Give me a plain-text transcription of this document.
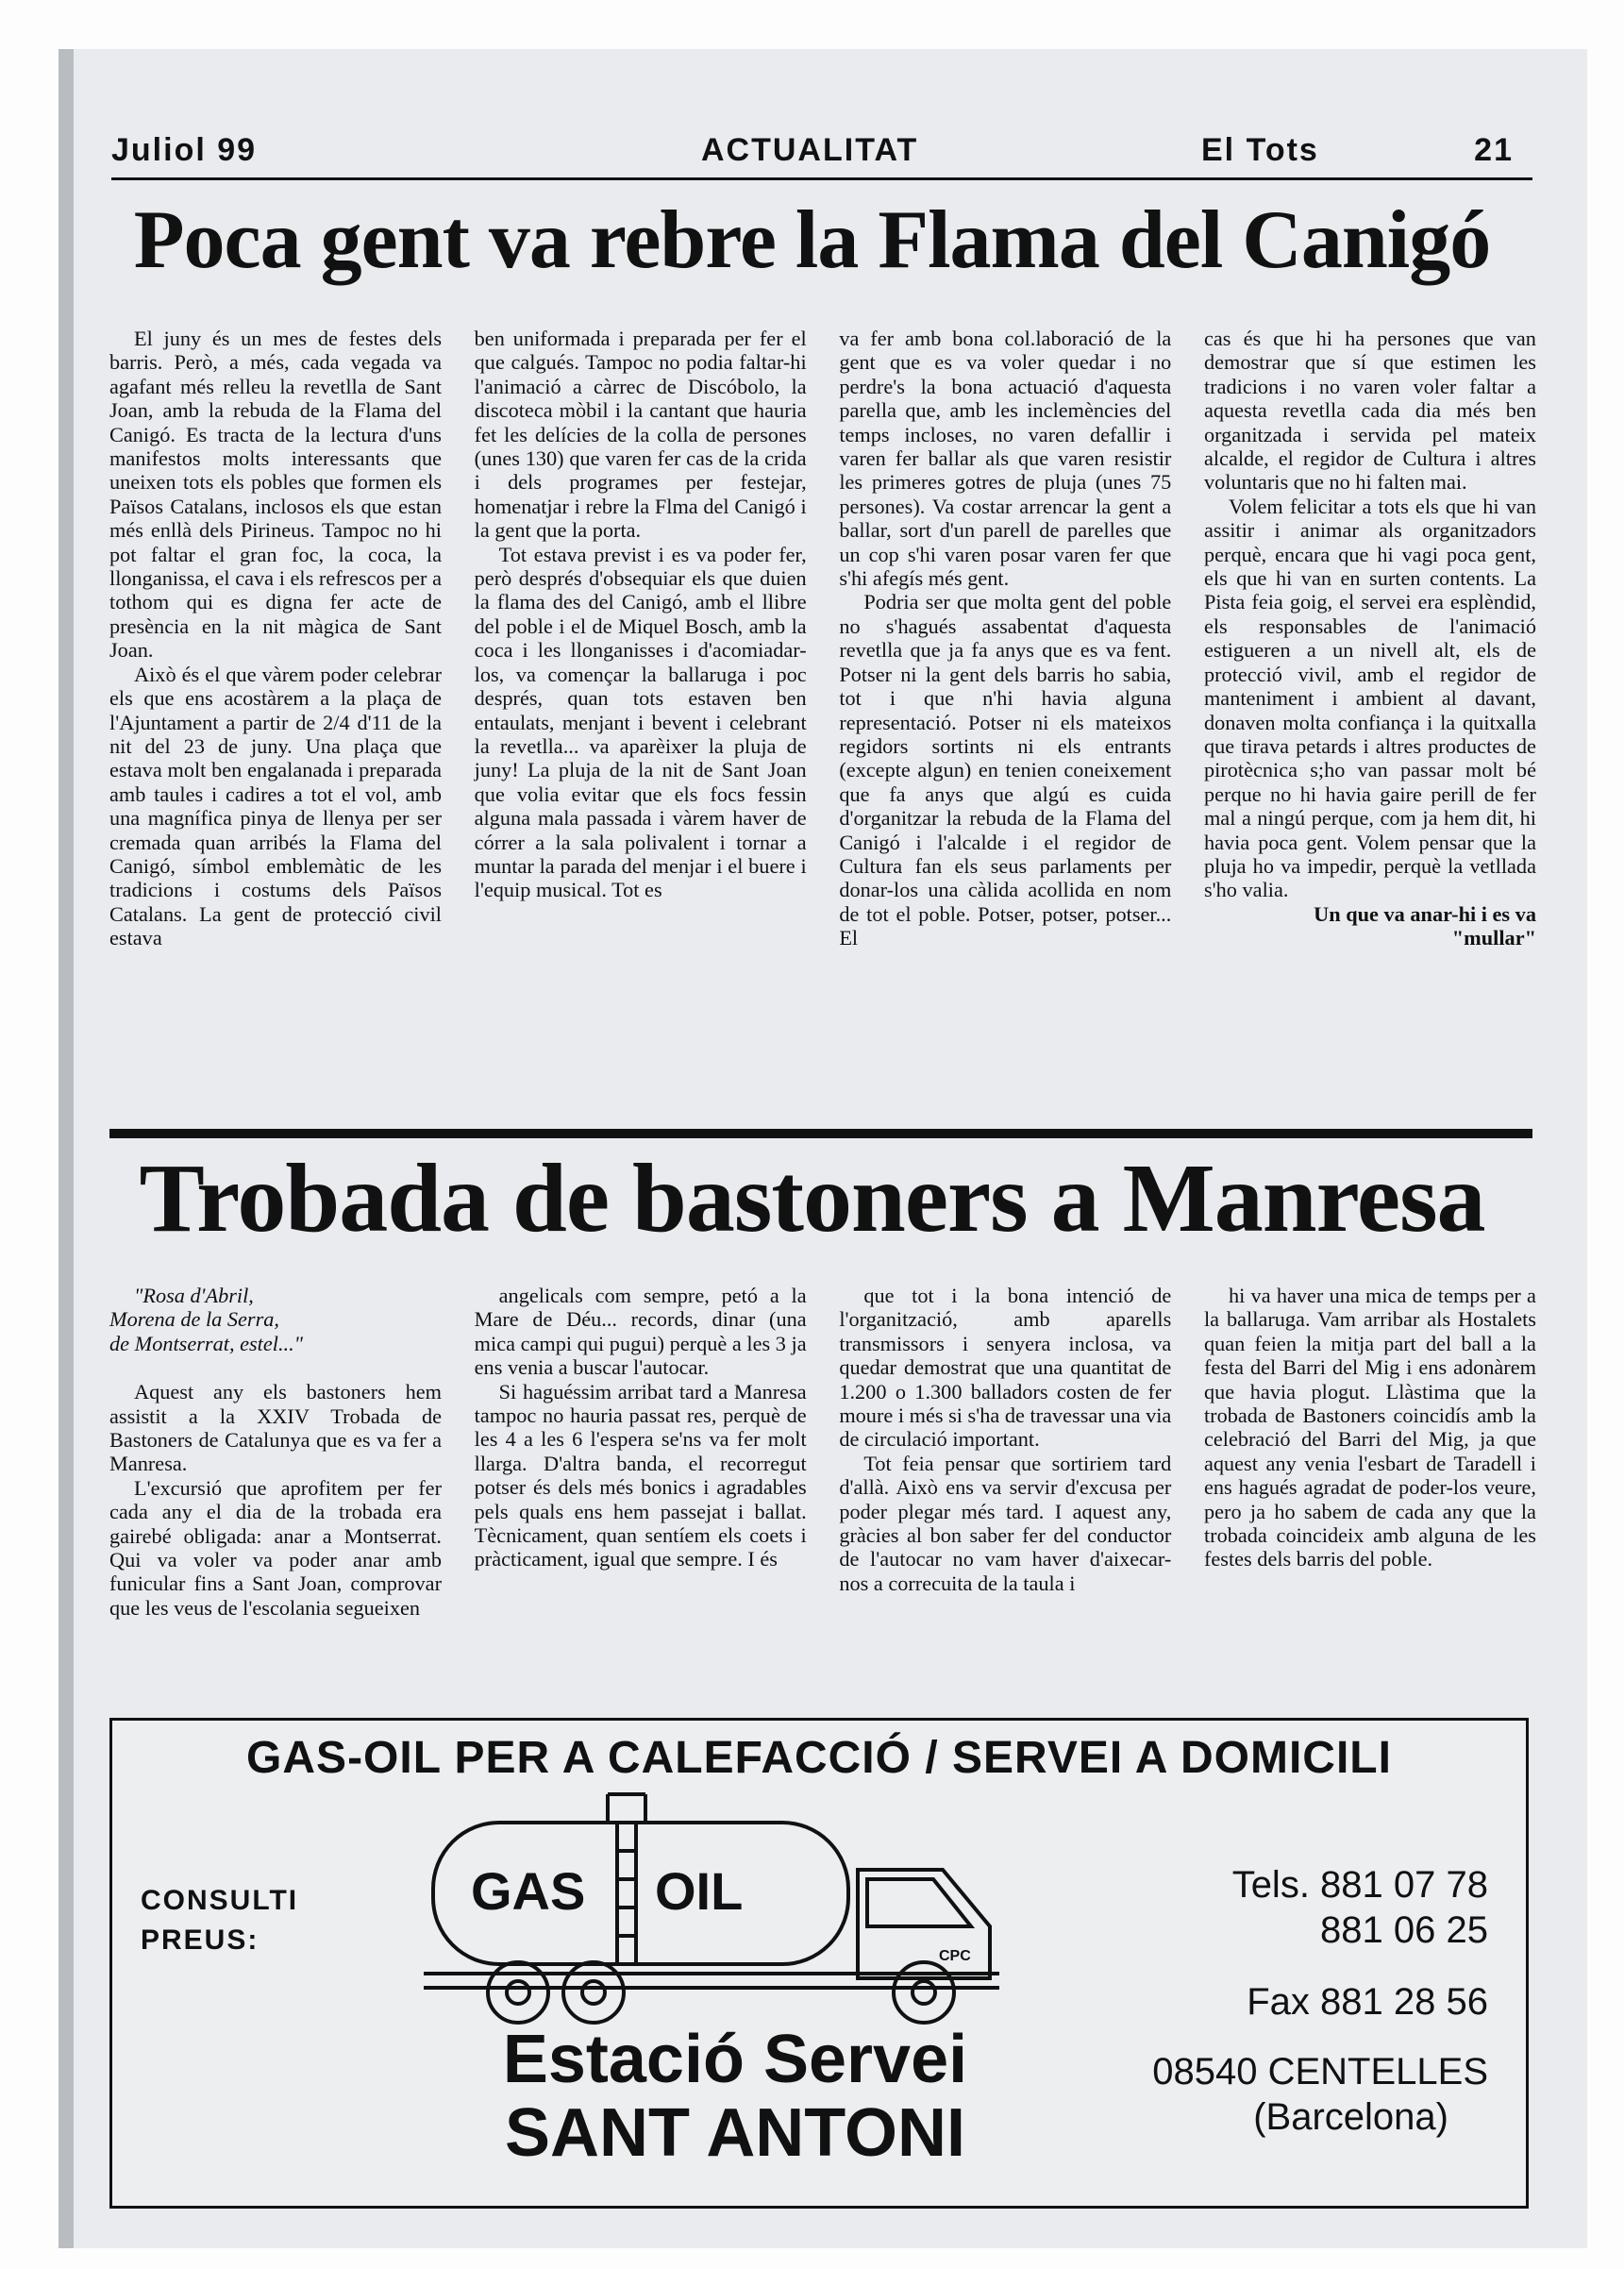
Juliol 99	ACTUALITAT	El Tots	21
Poca gent va rebre la Flama del Canigó

El juny és un mes de festes dels barris. Però, a més, cada vegada va agafant més relleu la revetlla de Sant Joan, amb la rebuda de la Flama del Canigó. Es tracta de la lectura d'uns manifestos molts interessants que uneixen tots els pobles que formen els Països Catalans, inclosos els que estan més enllà dels Pirineus. Tampoc no hi pot faltar el gran foc, la coca, la llonganissa, el cava i els refrescos per a tothom qui es digna fer acte de presència en la nit màgica de Sant Joan.

Això és el que vàrem poder celebrar els que ens acostàrem a la plaça de l'Ajuntament a partir de 2/4 d'11 de la nit del 23 de juny. Una plaça que estava molt ben engalanada i preparada amb taules i cadires a tot el vol, amb una magnífica pinya de llenya per ser cremada quan arribés la Flama del Canigó, símbol emblemàtic de les tradicions i costums dels Països Catalans. La gent de protecció civil estava

ben uniformada i preparada per fer el que calgués. Tampoc no podia faltar-hi l'animació a càrrec de Discóbolo, la discoteca mòbil i la cantant que hauria fet les delícies de la colla de persones (unes 130) que varen fer cas de la crida i dels programes per festejar, homenatjar i rebre la Flma del Canigó i la gent que la porta.

Tot estava previst i es va poder fer, però després d'obsequiar els que duien la flama des del Canigó, amb el llibre del poble i el de Miquel Bosch, amb la coca i les llonganisses i d'acomiadar-los, va començar la ballaruga i poc després, quan tots estaven ben entaulats, menjant i bevent i celebrant la revetlla... va aparèixer la pluja de juny! La pluja de la nit de Sant Joan que volia evitar que els focs fessin alguna mala passada i vàrem haver de córrer a la sala polivalent i tornar a muntar la parada del menjar i el buere i l'equip musical. Tot es

va fer amb bona col.laboració de la gent que es va voler quedar i no perdre's la bona actuació d'aquesta parella que, amb les inclemències del temps incloses, no varen defallir i varen fer ballar als que varen resistir les primeres gotres de pluja (unes 75 persones). Va costar arrencar la gent a ballar, sort d'un parell de parelles que un cop s'hi varen posar varen fer que s'hi afegís més gent.

Podria ser que molta gent del poble no s'hagués assabentat d'aquesta revetlla que ja fa anys que es va fent. Potser ni la gent dels barris ho sabia, tot i que n'hi havia alguna representació. Potser ni els mateixos regidors sortints ni els entrants (excepte algun) en tenien coneixement que fa anys que algú es cuida d'organitzar la rebuda de la Flama del Canigó i l'alcalde i el regidor de Cultura fan els seus parlaments per donar-los una càlida acollida en nom de tot el poble. Potser, potser, potser... El

cas és que hi ha persones que van demostrar que sí que estimen les tradicions i no varen voler faltar a aquesta revetlla cada dia més ben organitzada i servida pel mateix alcalde, el regidor de Cultura i altres voluntaris que no hi falten mai.

Volem felicitar a tots els que hi van assitir i animar als organitzadors perquè, encara que hi vagi poca gent, els que hi van en surten contents. La Pista feia goig, el servei era esplèndid, els responsables de l'animació estigueren a un nivell alt, els de protecció vivil, amb el regidor de manteniment i ambient al davant, donaven molta confiança i la quitxalla que tirava petards i altres productes de pirotècnica s;ho van passar molt bé perque no hi havia gaire perill de fer mal a ningú perque, com ja hem dit, hi havia poca gent. Volem pensar que la pluja ho va impedir, perquè la vetllada s'ho valia.

Un que va anar-hi i es va
"mullar"

Trobada de bastoners a Manresa

"Rosa d'Abril,
Morena de la Serra,
de Montserrat, estel..."

Aquest any els bastoners hem assistit a la XXIV Trobada de Bastoners de Catalunya que es va fer a Manresa.

L'excursió que aprofitem per fer cada any el dia de la trobada era gairebé obligada: anar a Montserrat. Qui va voler va poder anar amb funicular fins a Sant Joan, comprovar que les veus de l'escolania segueixen

angelicals com sempre, petó a la Mare de Déu... records, dinar (una mica campi qui pugui) perquè a les 3 ja ens venia a buscar l'autocar.

Si haguéssim arribat tard a Manresa tampoc no hauria passat res, perquè de les 4 a les 6 l'espera se'ns va fer molt llarga. D'altra banda, el recorregut potser és dels més bonics i agradables pels quals ens hem passejat i ballat. Tècnicament, quan sentíem els coets i pràcticament, igual que sempre. I és

que tot i la bona intenció de l'organització, amb aparells transmissors i senyera inclosa, va quedar demostrat que una quantitat de 1.200 o 1.300 balladors costen de fer moure i més si s'ha de travessar una via de circulació important.

Tot feia pensar que sortiriem tard d'allà. Això ens va servir d'excusa per poder plegar més tard. I aquest any, gràcies al bon saber fer del conductor de l'autocar no vam haver d'aixecar-nos a correcuita de la taula i

hi va haver una mica de temps per a la ballaruga. Vam arribar als Hostalets quan feien la mitja part del ball a la festa del Barri del Mig i ens adonàrem que havia plogut. Llàstima que la trobada de Bastoners coincidís amb la celebració del Barri del Mig, ja que aquest any venia l'esbart de Taradell i ens hagués agradat de poder-los veure, pero ja ho sabem de cada any que la trobada coincideix amb alguna de les festes dels barris del poble.

GAS-OIL PER A CALEFACCIÓ / SERVEI A DOMICILI
CONSULTI
PREUS:
GAS OIL
CPC
Estació Servei
SANT ANTONI
Tels. 881 07 78
881 06 25
Fax 881 28 56
08540 CENTELLES
(Barcelona)
